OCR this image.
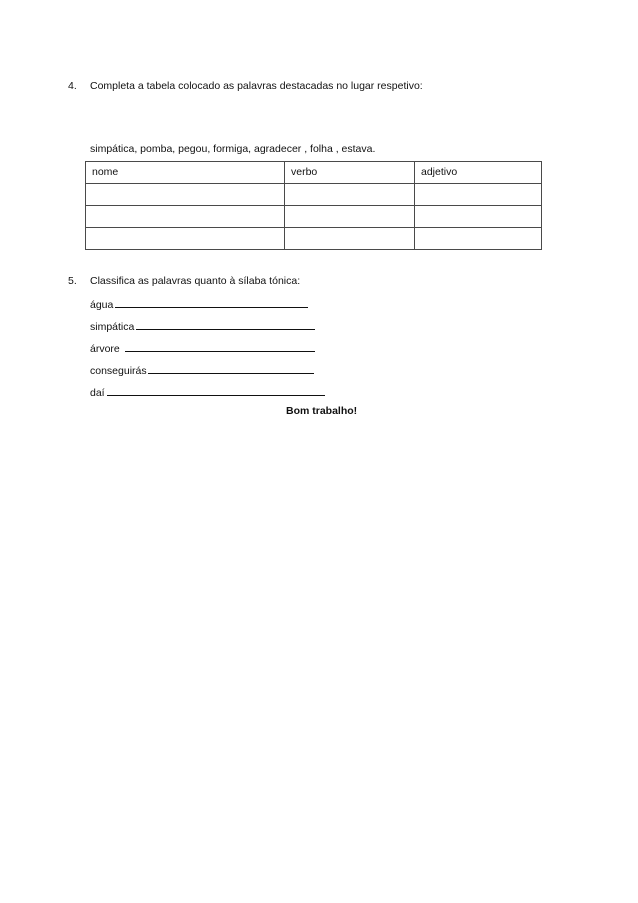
4. Completa a tabela colocado as palavras destacadas no lugar respetivo:
simpática, pomba, pegou, formiga, agradecer , folha , estava.
nome	verbo	adjetivo

5. Classifica as palavras quanto à sílaba tónica:
água
simpática
árvore
conseguirás
daí
Bom trabalho!
